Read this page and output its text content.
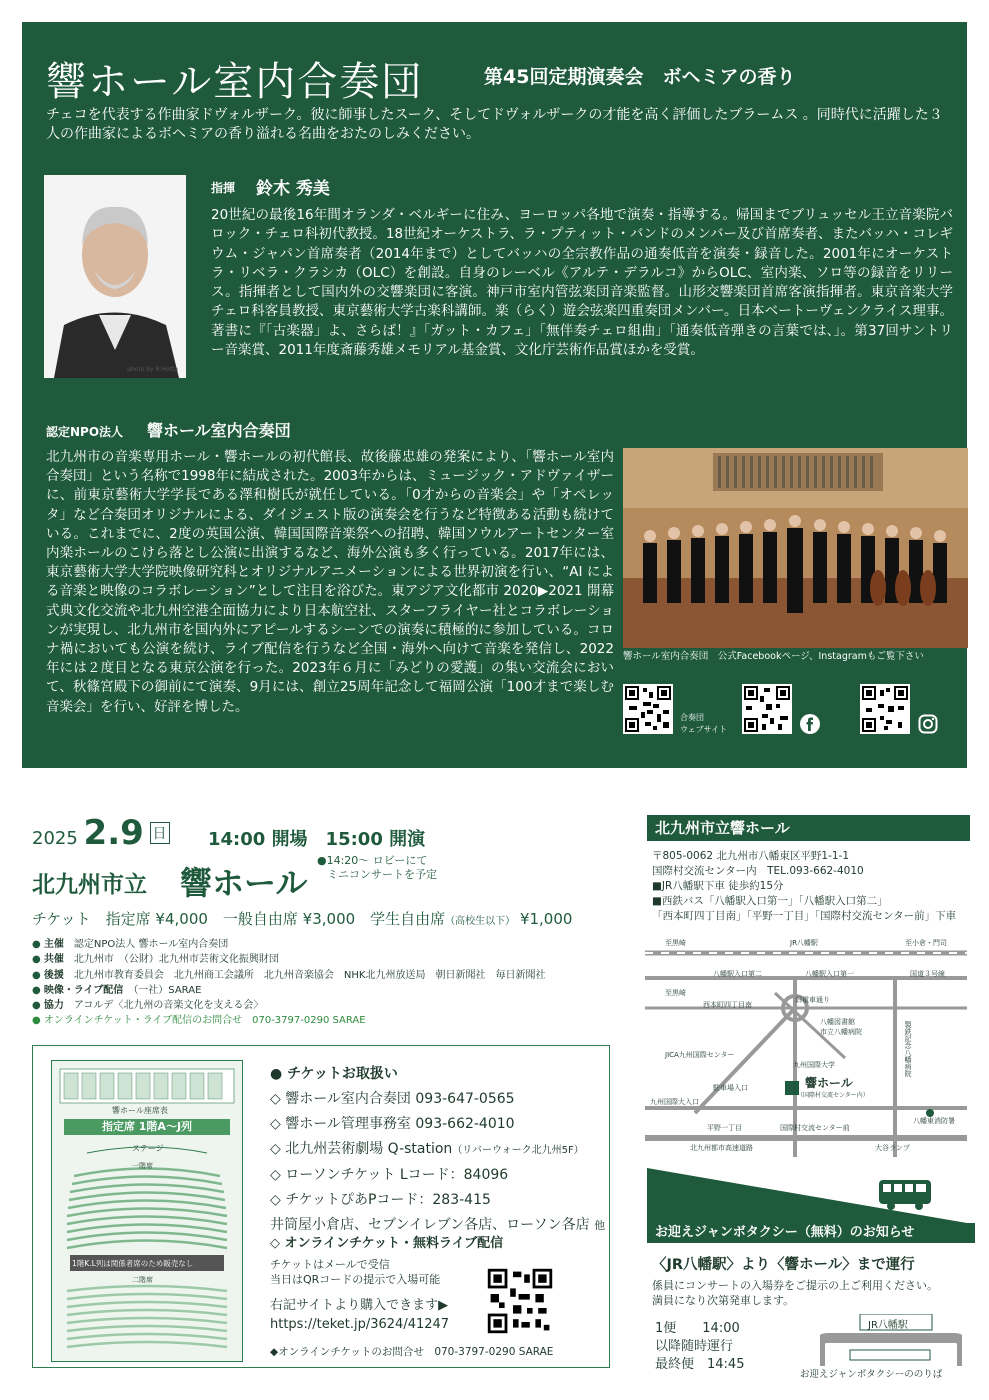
響ホール室内合奏団	第45回定期演奏会　ボヘミアの香り
チェコを代表する作曲家ドヴォルザーク。彼に師事したスーク、そしてドヴォルザークの才能を高く評価したブラームス 。同時代に活躍した３人の作曲家によるボヘミアの香り溢れる名曲をおたのしみください。
photo by R.Hotta
指揮 鈴木 秀美
20世紀の最後16年間オランダ・ベルギーに住み、ヨーロッパ各地で演奏・指導する。帰国までブリュッセル王立音楽院バロック・チェロ科初代教授。18世紀オーケストラ、ラ・プティット・バンドのメンバー及び首席奏者、またバッハ・コレギウム・ジャパン首席奏者（2014年まで）としてバッハの全宗教作品の通奏低音を演奏・録音した。2001年にオーケストラ・リベラ・クラシカ（OLC）を創設。自身のレーベル《アルテ・デラルコ》からOLC、室内楽、ソロ等の録音をリリース。指揮者として国内外の交響楽団に客演。神戸市室内管弦楽団音楽監督。山形交響楽団首席客演指揮者。東京音楽大学チェロ科客員教授、東京藝術大学古楽科講師。楽（らく）遊会弦楽四重奏団メンバー。日本ベートーヴェンクライス理事。著書に『「古楽器」よ、さらば！』「ガット・カフェ」「無伴奏チェロ組曲」「通奏低音弾きの言葉では、」。第37回サントリー音楽賞、2011年度斎藤秀雄メモリアル基金賞、文化庁芸術作品賞ほかを受賞。
認定NPO法人 響ホール室内合奏団
北九州市の音楽専用ホール・響ホールの初代館長、故後藤忠雄の発案により、「響ホール室内合奏団」という名称で1998年に結成された。2003年からは、ミュージック・アドヴァイザーに、前東京藝術大学学長である澤和樹氏が就任している。「0才からの音楽会」や「オペレッタ」など合奏団オリジナルによる、ダイジェスト版の演奏会を行うなど特徴ある活動も続けている。これまでに、2度の英国公演、韓国国際音楽祭への招聘、韓国ソウルアートセンター室内楽ホールのこけら落とし公演に出演するなど、海外公演も多く行っている。2017年には、東京藝術大学大学院映像研究科とオリジナルアニメーションによる世界初演を行い、“AI による音楽と映像のコラボレーション”として注目を浴びた。東アジア文化都市 2020▶2021 開幕式典文化交流や北九州空港全面協力により日本航空社、スターフライヤー社とコラボレーションが実現し、北九州市を国内外にアピールするシーンでの演奏に積極的に参加している。コロナ禍においても公演を続け、ライブ配信を行うなど全国・海外へ向けて音楽を発信し、2022年には２度目となる東京公演を行った。2023年６月に「みどりの愛護」の集い交流会において、秋篠宮殿下の御前にて演奏、9月には、創立25周年記念して福岡公演「100才まで楽しむ音楽会」を行い、好評を博した。
響ホール室内合奏団　公式Facebookページ、Instagramもご覧下さい
合奏団
ウェブサイト
2025 2.9 日 14:00 開場　15:00 開演
北九州市立 響ホール
●14:20～ ロビーにて
ミニコンサートを予定
チケット　指定席 ¥4,000　一般自由席 ¥3,000　学生自由席（高校生以下） ¥1,000
● 主催　 認定NPO法人 響ホール室内合奏団
● 共催　 北九州市　（公財）北九州市芸術文化振興財団
● 後援　 北九州市教育委員会　北九州商工会議所　北九州音楽協会　NHK北九州放送局　朝日新聞社　毎日新聞社
● 映像・ライブ配信　 （一社）SARAE
● 協力　 アコルデ〈北九州の音楽文化を支える会〉
● オンラインチケット・ライブ配信のお問合せ　070-3797-0290 SARAE
響ホール座席表
指定席 1階A～J列
ステージ
一階席
1階K.L列は関係者席のため販売なし
二階席
● チケットお取扱い
◇ 響ホール室内合奏団 093-647-0565
◇ 響ホール管理事務室 093-662-4010
◇ 北九州芸術劇場 Q-station（リバーウォーク北九州5F）
◇ ローソンチケット Lコード：84096
◇ チケットぴあPコード：283-415
井筒屋小倉店、セブンイレブン各店、ローソン各店 他
◇ オンラインチケット・無料ライブ配信
チケットはメールで受信
当日はQRコードの提示で入場可能
右記サイトより購入できます▶
https://teket.jp/3624/41247
◆オンラインチケットのお問合せ　070-3797-0290 SARAE
北九州市立響ホール
〒805-0062 北九州市八幡東区平野1-1-1
国際村交流センター内　TEL.093-662-4010
■JR八幡駅下車 徒歩約15分
■西鉄バス「八幡駅入口第一」「八幡駅入口第二」
「西本町四丁目南」「平野一丁目」「国際村交流センター前」下車
至黒崎	JR八幡駅	至小倉・門司
八幡駅入口第二	八幡駅入口第一	国道３号線
至黒崎
西本町四丁目南
旧電車通り
八幡図書館
市立八幡病院
JICA九州国際センター
九州国際大学
駐車場入口	響ホール
（国際村交流センター内）
九州国際大入口
平野一丁目	国際村交流センター前
製鉄記念八幡病院
八幡東消防署
北九州都市高速道路	大谷ランプ
お迎えジャンボタクシー（無料）のお知らせ
〈JR八幡駅〉より〈響ホール〉まで運行
係員にコンサートの入場券をご提示の上ご利用ください。
満員になり次第発車します。
1便　　14:00
以降随時運行
最終便　14:45
JR八幡駅
お迎えジャンボタクシーののりば
